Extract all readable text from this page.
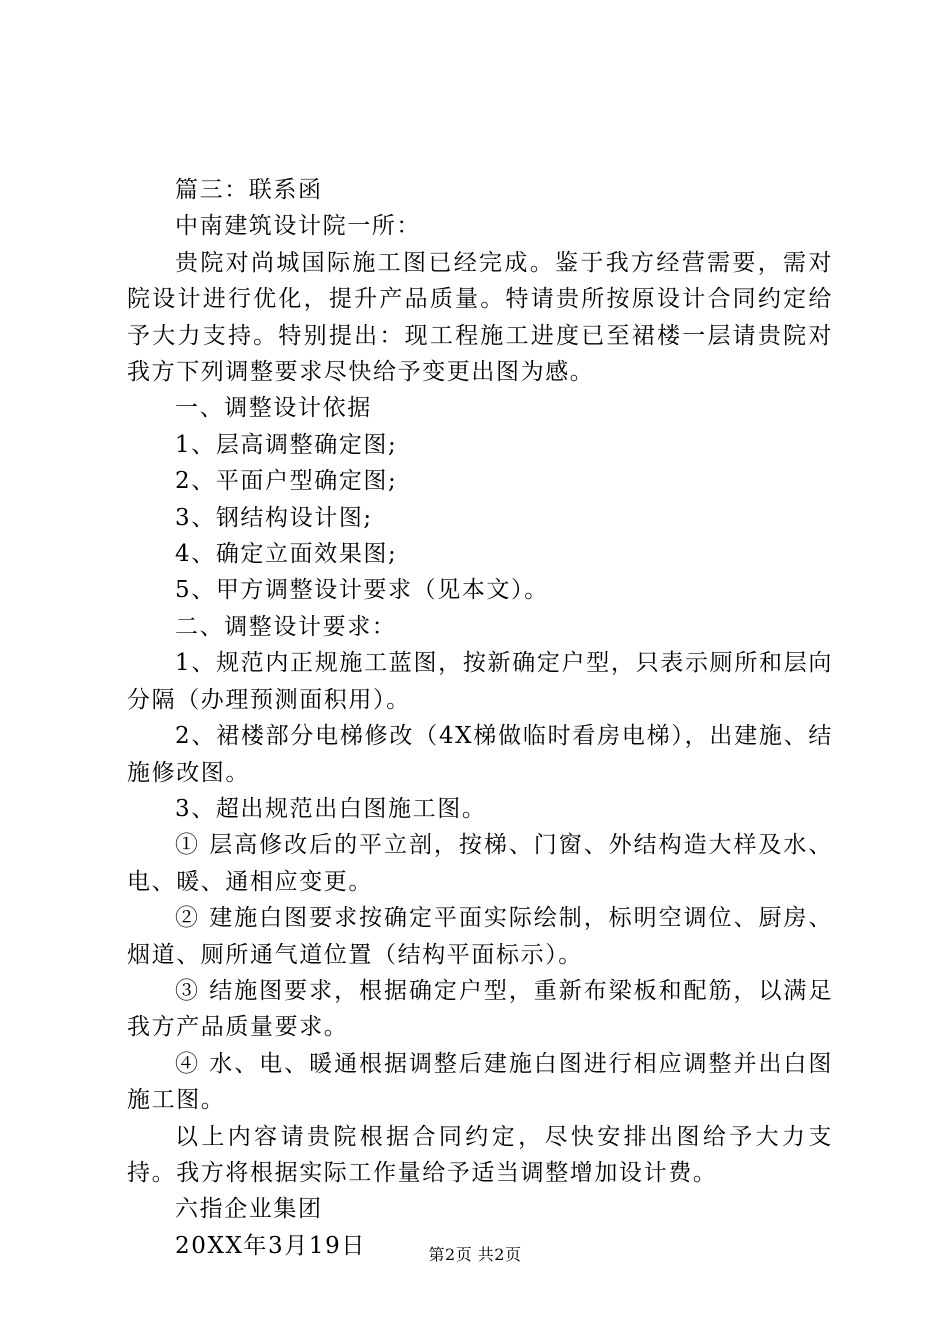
篇三：联系函

中南建筑设计院一所：

贵院对尚城国际施工图已经完成。鉴于我方经营需要，需对院设计进行优化，提升产品质量。特请贵所按原设计合同约定给予大力支持。特别提出：现工程施工进度已至裙楼一层请贵院对我方下列调整要求尽快给予变更出图为感。

一、调整设计依据

1、层高调整确定图;

2、平面户型确定图;

3、钢结构设计图;

4、确定立面效果图;

5、甲方调整设计要求（见本文）。

二、调整设计要求：

1、规范内正规施工蓝图，按新确定户型，只表示厕所和层向分隔（办理预测面积用）。

2、裙楼部分电梯修改（4X梯做临时看房电梯），出建施、结施修改图。

3、超出规范出白图施工图。

① 层高修改后的平立剖，按梯、门窗、外结构造大样及水、电、暖、通相应变更。

② 建施白图要求按确定平面实际绘制，标明空调位、厨房、烟道、厕所通气道位置（结构平面标示）。

③ 结施图要求，根据确定户型，重新布梁板和配筋，以满足我方产品质量要求。

④ 水、电、暖通根据调整后建施白图进行相应调整并出白图施工图。

以上内容请贵院根据合同约定，尽快安排出图给予大力支持。我方将根据实际工作量给予适当调整增加设计费。

六指企业集团

20XX年3月19日	第2页 共2页
